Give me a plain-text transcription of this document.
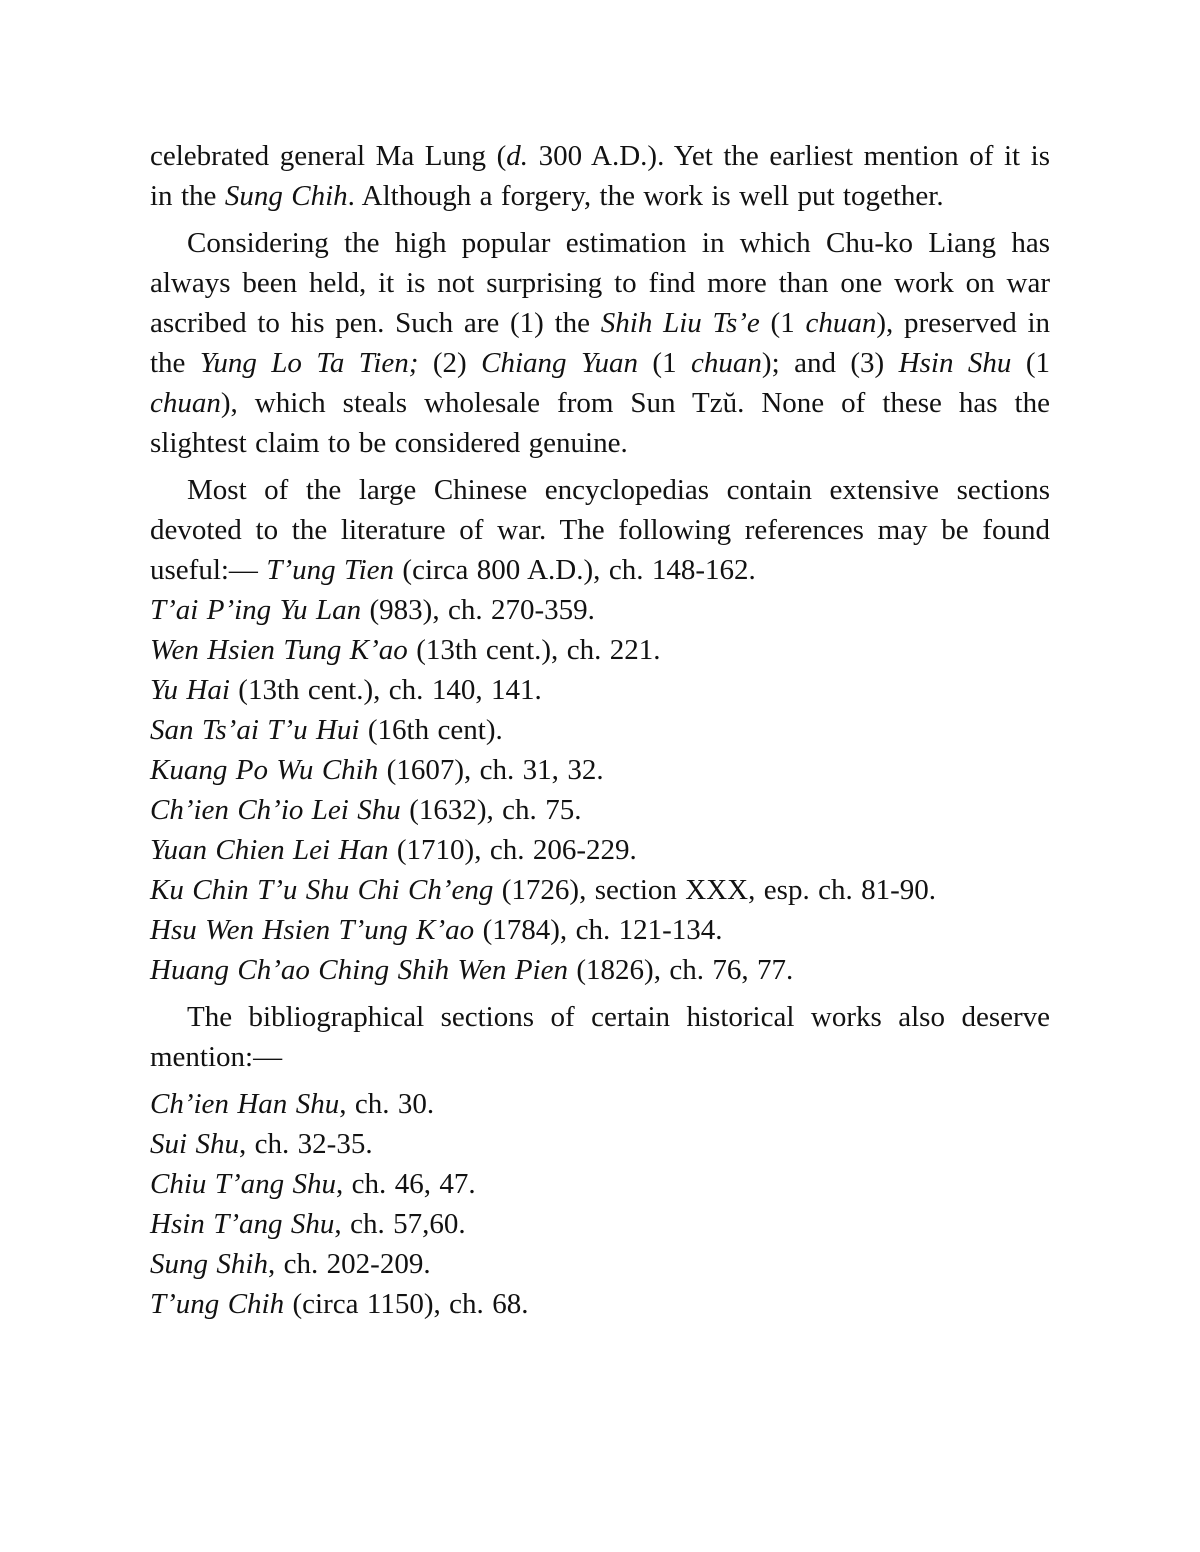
celebrated general Ma Lung (d. 300 A.D.). Yet the earliest mention of it is in the Sung Chih. Although a forgery, the work is well put together.

Considering the high popular estimation in which Chu-ko Liang has always been held, it is not surprising to find more than one work on war ascribed to his pen. Such are (1) the Shih Liu Ts’e (1 chuan), preserved in the Yung Lo Ta Tien; (2) Chiang Yuan (1 chuan); and (3) Hsin Shu (1 chuan), which steals wholesale from Sun Tzŭ. None of these has the slightest claim to be considered genuine.

Most of the large Chinese encyclopedias contain extensive sections devoted to the literature of war. The following references may be found useful:— T’ung Tien (circa 800 A.D.), ch. 148-162.

T’ai P’ing Yu Lan (983), ch. 270-359.

Wen Hsien Tung K’ao (13th cent.), ch. 221.

Yu Hai (13th cent.), ch. 140, 141.

San Ts’ai T’u Hui (16th cent).

Kuang Po Wu Chih (1607), ch. 31, 32.

Ch’ien Ch’io Lei Shu (1632), ch. 75.

Yuan Chien Lei Han (1710), ch. 206-229.

Ku Chin T’u Shu Chi Ch’eng (1726), section XXX, esp. ch. 81-90.

Hsu Wen Hsien T’ung K’ao (1784), ch. 121-134.

Huang Ch’ao Ching Shih Wen Pien (1826), ch. 76, 77.

The bibliographical sections of certain historical works also deserve mention:—

Ch’ien Han Shu, ch. 30.

Sui Shu, ch. 32-35.

Chiu T’ang Shu, ch. 46, 47.

Hsin T’ang Shu, ch. 57,60.

Sung Shih, ch. 202-209.

T’ung Chih (circa 1150), ch. 68.
